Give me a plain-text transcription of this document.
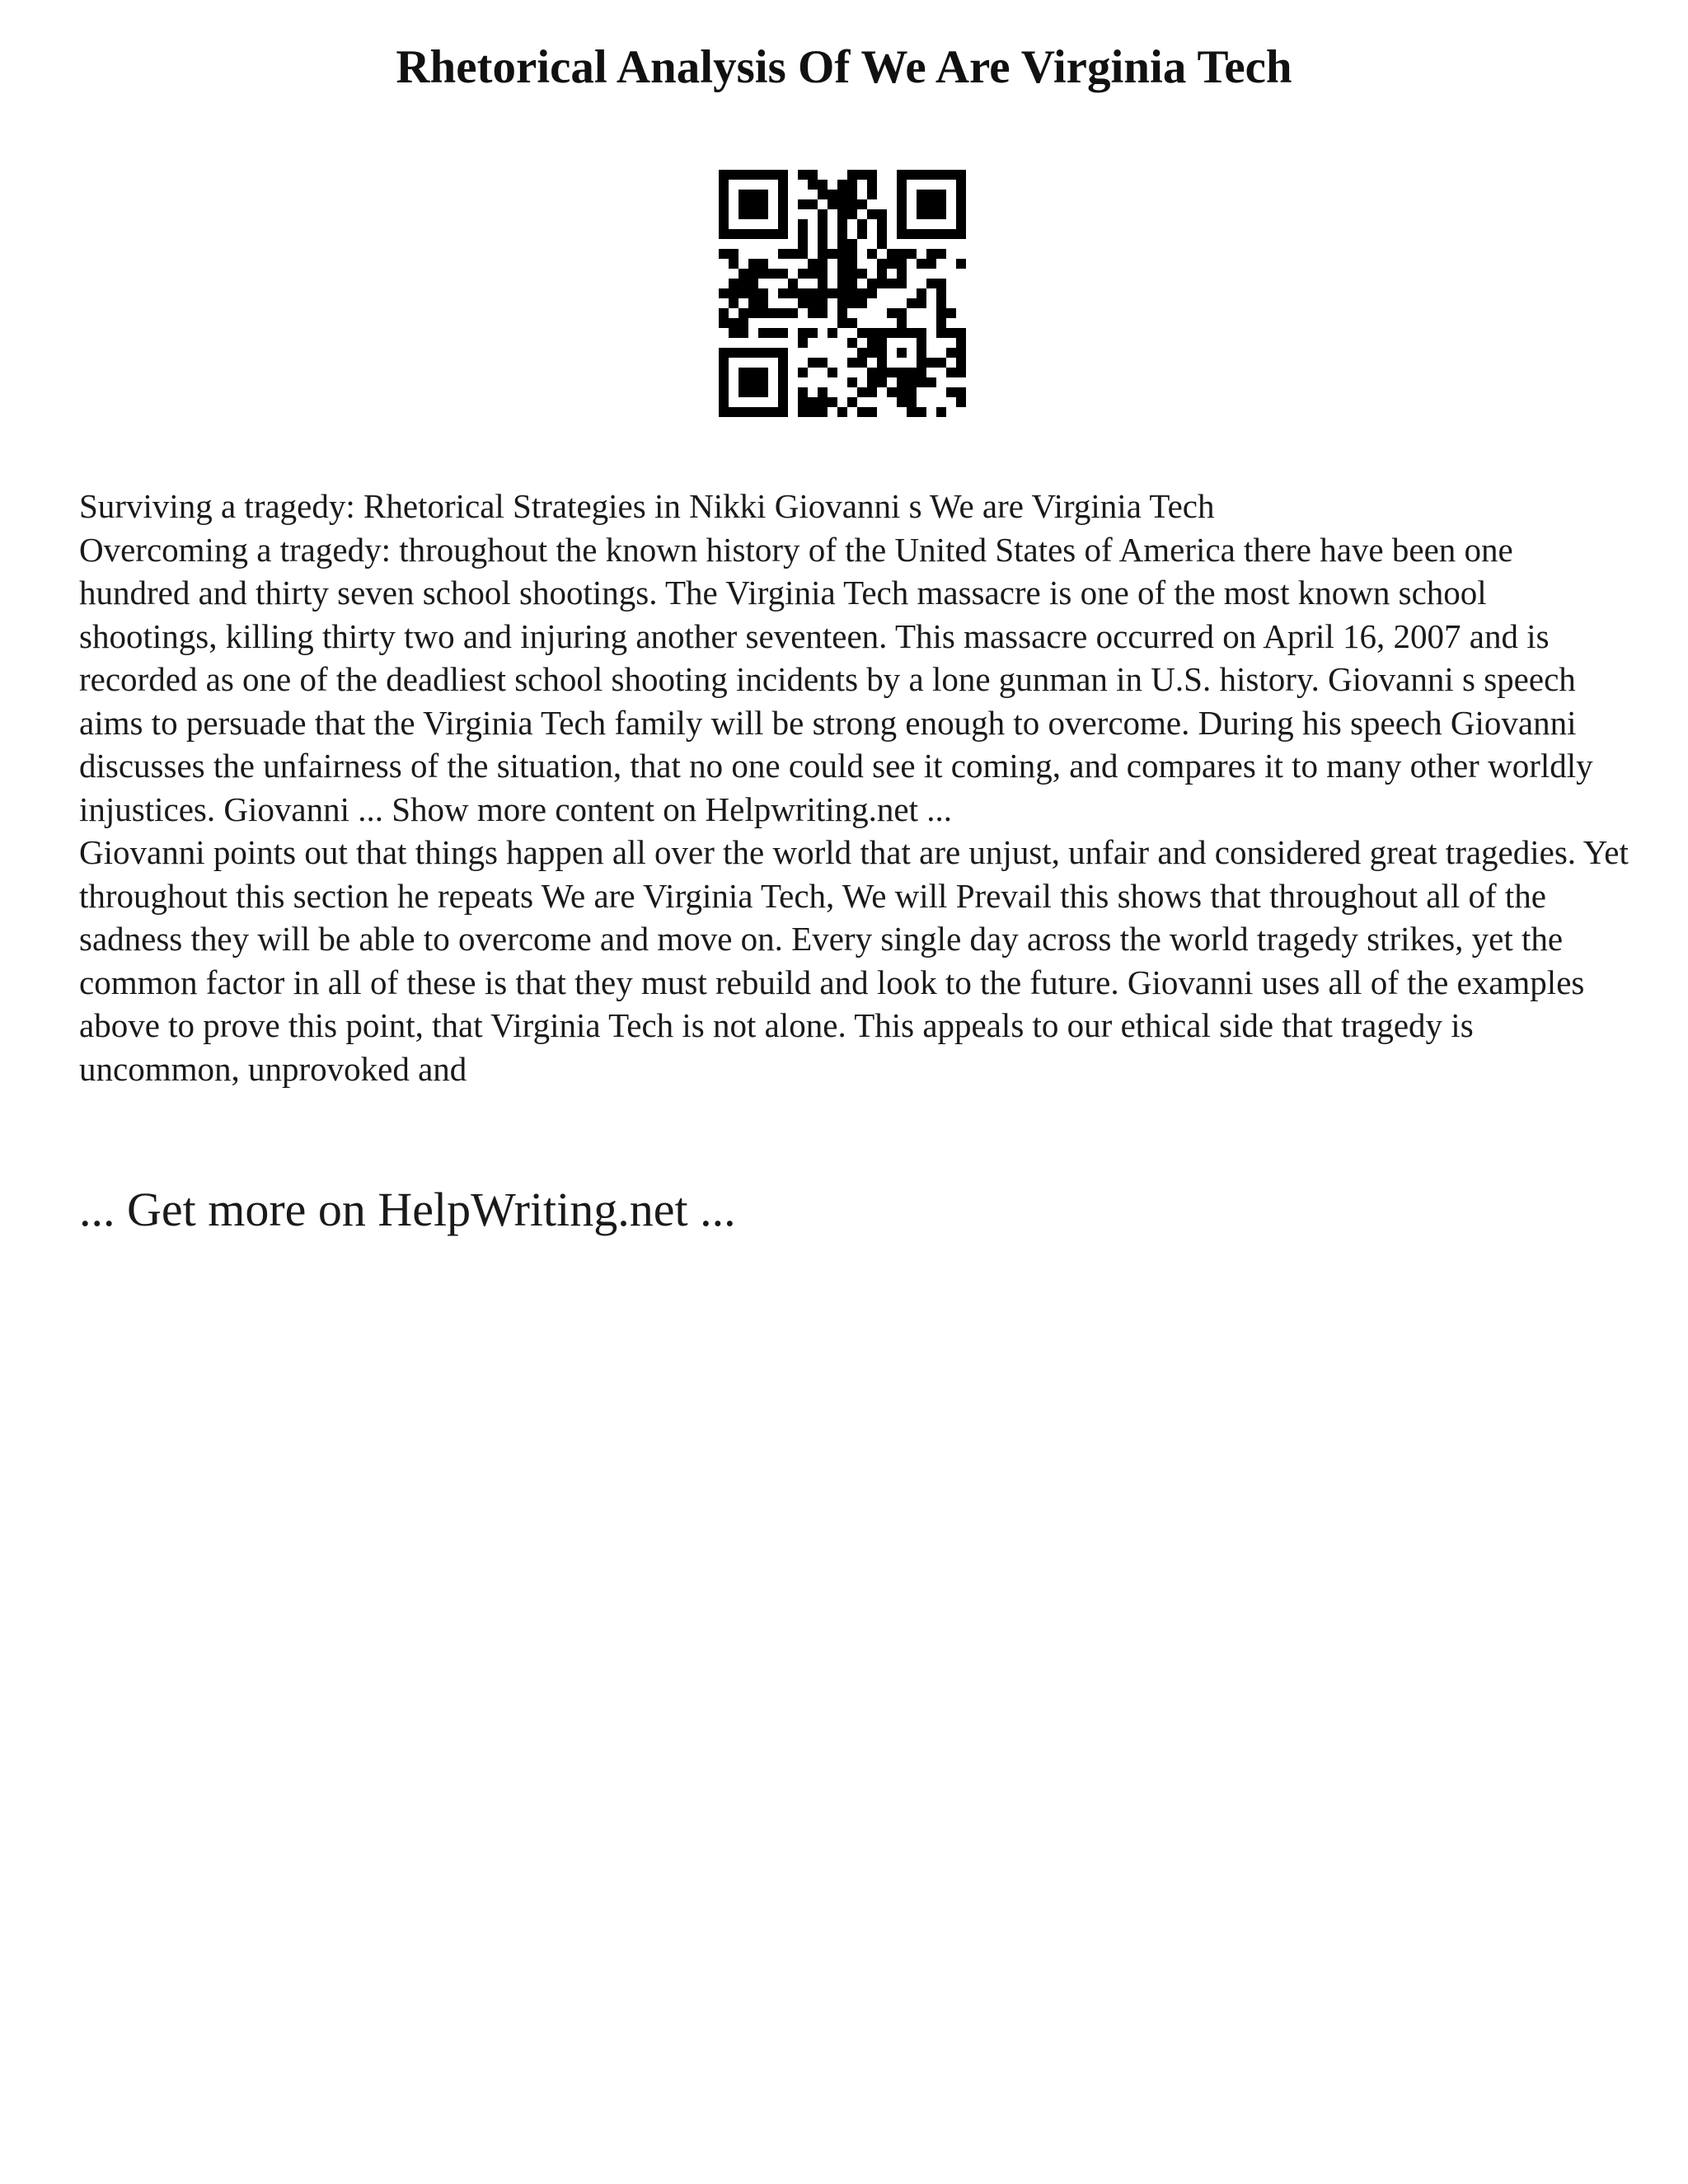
Rhetorical Analysis Of We Are Virginia Tech

Surviving a tragedy: Rhetorical Strategies in Nikki Giovanni s We are Virginia Tech

Overcoming a tragedy: throughout the known history of the United States of America there have been one hundred and thirty seven school shootings. The Virginia Tech massacre is one of the most known school shootings, killing thirty two and injuring another seventeen. This massacre occurred on April 16, 2007 and is recorded as one of the deadliest school shooting incidents by a lone gunman in U.S. history. Giovanni s speech aims to persuade that the Virginia Tech family will be strong enough to overcome. During his speech Giovanni discusses the unfairness of the situation, that no one could see it coming, and compares it to many other worldly injustices. Giovanni ... Show more content on Helpwriting.net ...

Giovanni points out that things happen all over the world that are unjust, unfair and considered great tragedies. Yet throughout this section he repeats We are Virginia Tech, We will Prevail this shows that throughout all of the sadness they will be able to overcome and move on. Every single day across the world tragedy strikes, yet the common factor in all of these is that they must rebuild and look to the future. Giovanni uses all of the examples above to prove this point, that Virginia Tech is not alone. This appeals to our ethical side that tragedy is uncommon, unprovoked and

... Get more on HelpWriting.net ...
